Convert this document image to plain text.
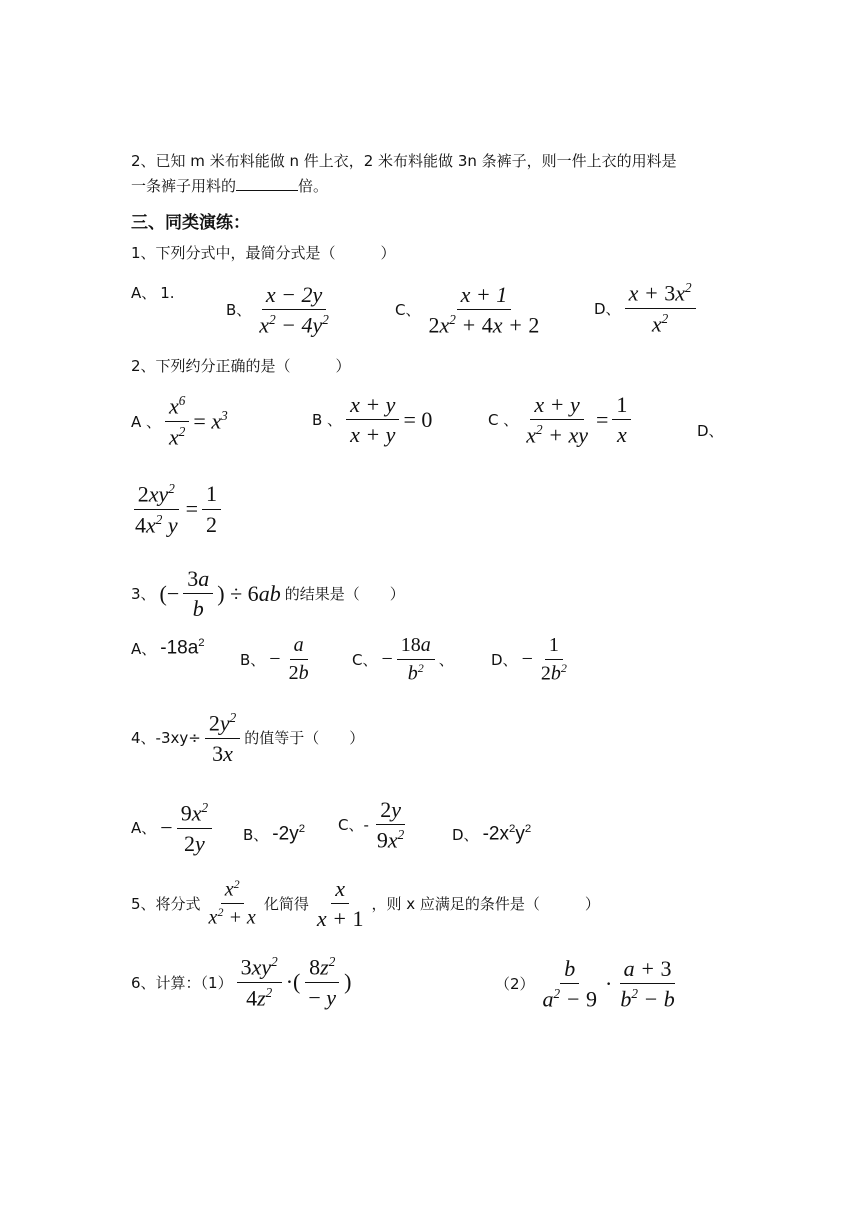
2、已知 m 米布料能做 n 件上衣，2 米布料能做 3n 条裤子，则一件上衣的用料是
一条裤子用料的	倍。
三、同类演练：
1、下列分式中，最简分式是（　　　）
A、 1.
B、 $\frac{x - 2y}{x^2 - 4y^2}$	C、 $\frac{x + 1}{2x^2 + 4x + 2}$	D、 $\frac{x + 3x^2}{x^2}$
2、下列约分正确的是（　　　）
A 、 $\frac{x^6}{x^2} = x^3$	B 、 $\frac{x + y}{x + y} = 0$	C 、 $\frac{x + y}{x^2 + xy} = \frac{1}{x}$	D、
$\frac{2xy^2}{4x^2 y} = \frac{1}{2}$
3、 (− $\frac{3a}{b}$ ) ÷ 6ab 的结果是（　　）
A、 $-18a^2$
B、 − $\frac{a}{2b}$	C、 − $\frac{18a}{b^2}$ 、 D、 − $\frac{1}{2b^2}$
4、$-3xy\div \frac{2y^2}{3x}$ 的值等于（　　）
A、 − $\frac{9x^2}{2y}$ B、 $-2y^2$ C、- $\frac{2y}{9x^2}$	D、 $-2x^2y^2$
5、将分式 $\frac{x^2}{x^2 + x}$ 化简得 $\frac{x}{x + 1}$ ，则 x 应满足的条件是（　　　）
6、计算：$(1) \frac{3xy^2}{4z^2}$ ·( $\frac{8z^2}{- y}$ )	$(2) \frac{b}{a^2 - 9} \cdot \frac{a + 3}{b^2 - b}$
